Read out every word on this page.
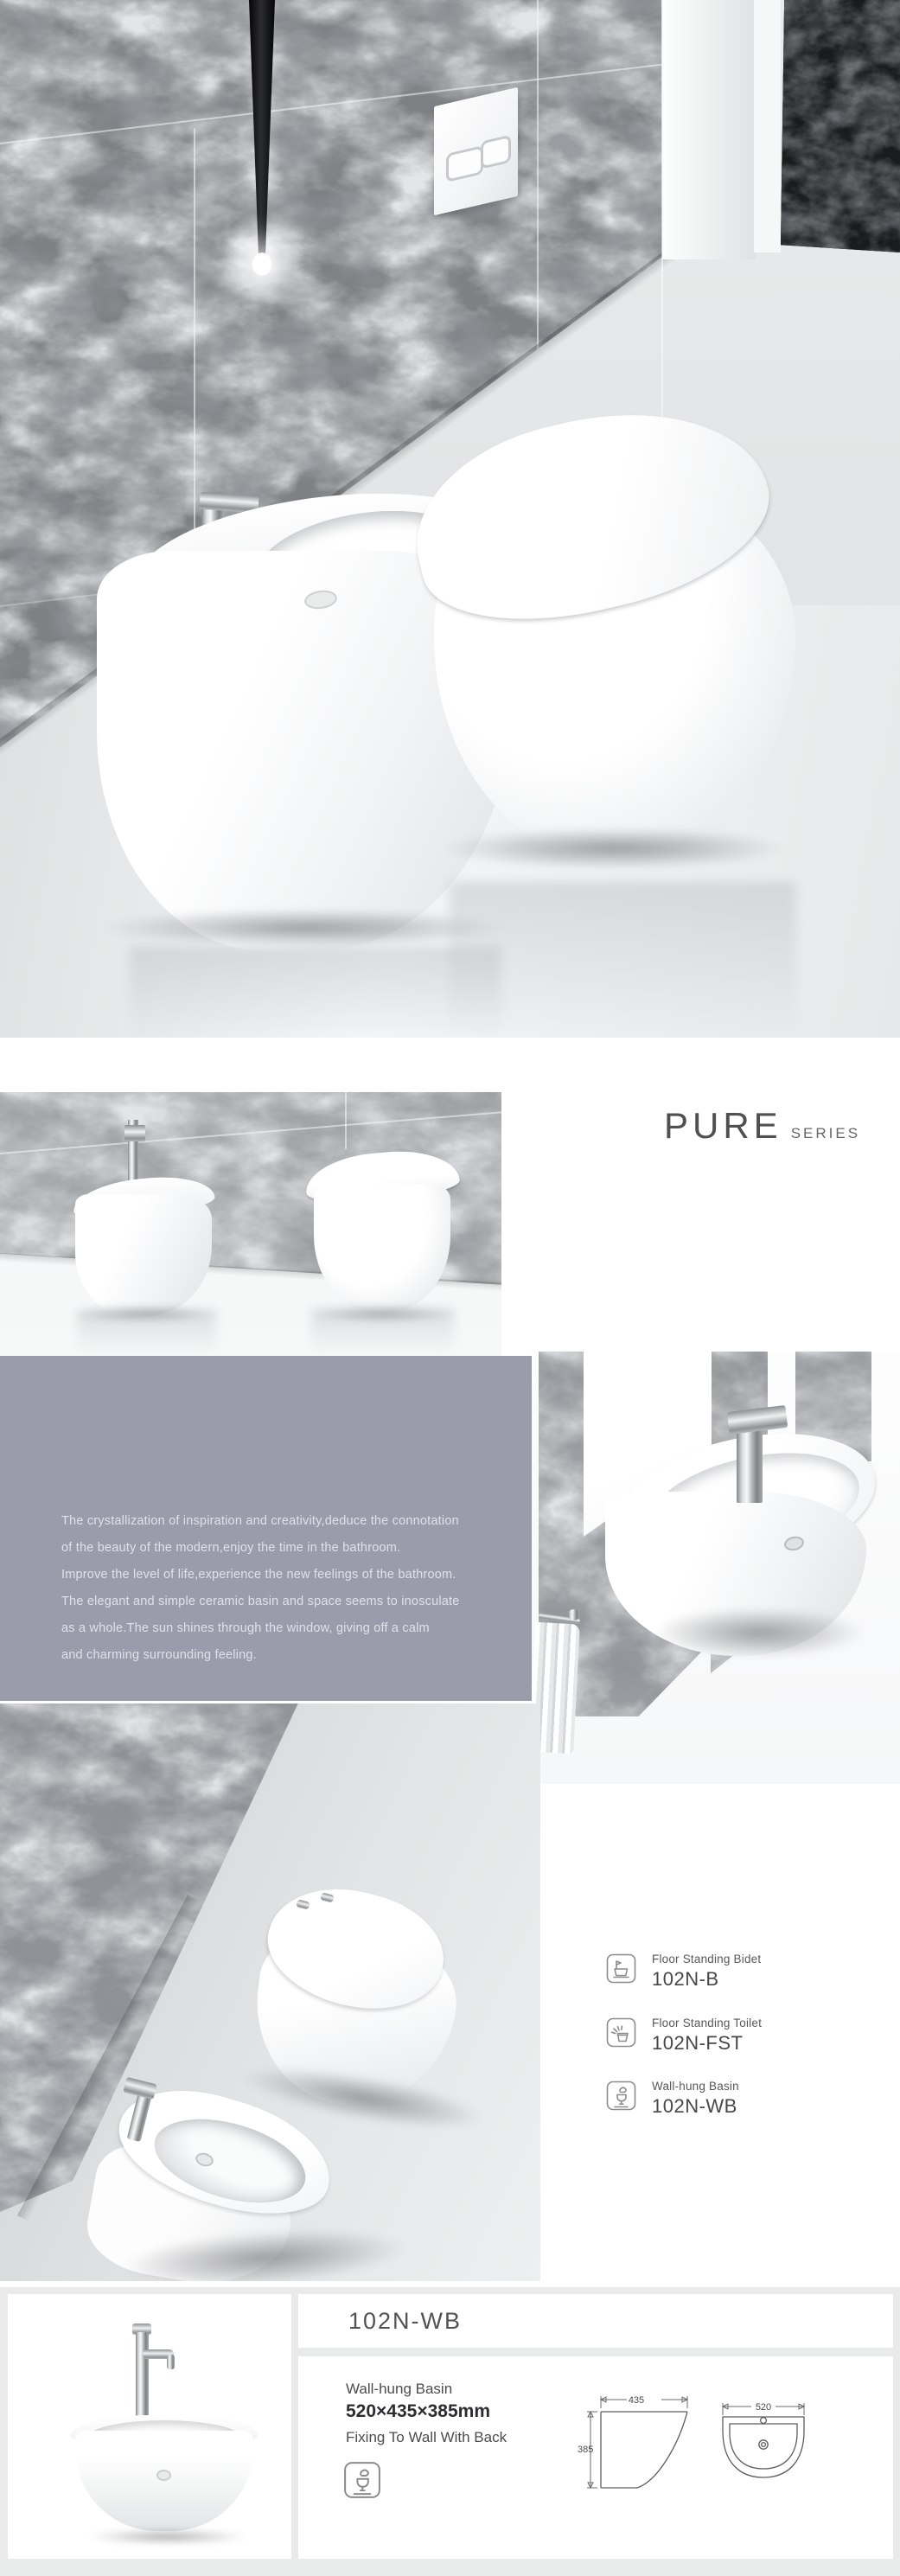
PURE SERIES
The crystallization of inspiration and creativity,deduce the connotation
of the beauty of the modern,enjoy the time in the bathroom.
Improve the level of life,experience the new feelings of the bathroom.
The elegant and simple ceramic basin and space seems to inosculate
as a whole.The sun shines through the window, giving off a calm
and charming surrounding feeling.
Floor Standing Bidet
102N-B
Floor Standing Toilet
102N-FST
Wall-hung Basin
102N-WB
102N-WB
Wall-hung Basin
520×435×385mm
Fixing To Wall With Back
435
385
520
